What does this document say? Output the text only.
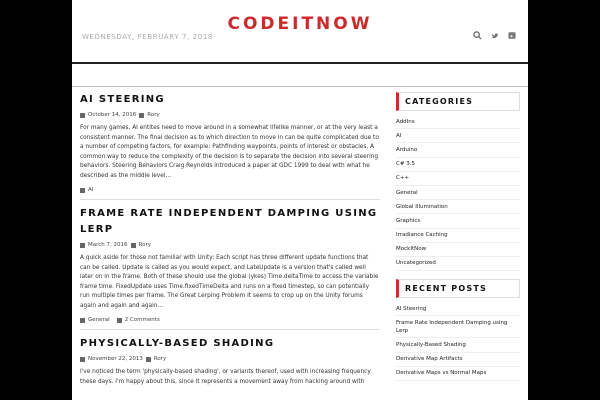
CODEITNOW
WEDNESDAY, FEBRUARY 7, 2018	▶
AI STEERING
October 14, 2016 Rory
For many games, AI entites need to move around in a somewhat lifelike manner, or at the very least a consistent manner. The final decision as to which direction to move in can be quite complicated due to a number of competing factors, for example: Pathfinding waypoints, points of interest or obstacles. A common way to reduce the complexity of the decision is to separate the decision into several steering behaviors. Steering Behaviors Craig Reynolds introduced a paper at GDC 1999 to deal with what he described as the middle level…
AI
FRAME RATE INDEPENDENT DAMPING USING LERP
March 7, 2016 Rory
A quick aside for those not familiar with Unity: Each script has three different update functions that can be called. Update is called as you would expect, and LateUpdate is a version that's called well later on in the frame. Both of these should use the global (ykes) Time.deltaTime to access the variable frame time. FixedUpdate uses Time.fixedTimeDelta and runs on a fixed timestep, so can potentially run multiple times per frame. The Great Lerping Problem It seems to crop up on the Unity forums again and again and again…
General	2 Comments
PHYSICALLY-BASED SHADING
November 22, 2013 Rory
I've noticed the term 'physically-based shading', or variants thereof, used with increasing frequency these days. I'm happy about this, since it represents a movement away from hacking around with
CATEGORIES
AddIns
AI
Arduino
C# 3.5
C++
General
Global Illumination
Graphics
Irradiance Caching
MockItNow
Uncategorized
RECENT POSTS
AI Steering
Frame Rate Independent Damping using Lerp
Physically-Based Shading
Derivative Map Artifacts
Derivative Maps vs Normal Maps
